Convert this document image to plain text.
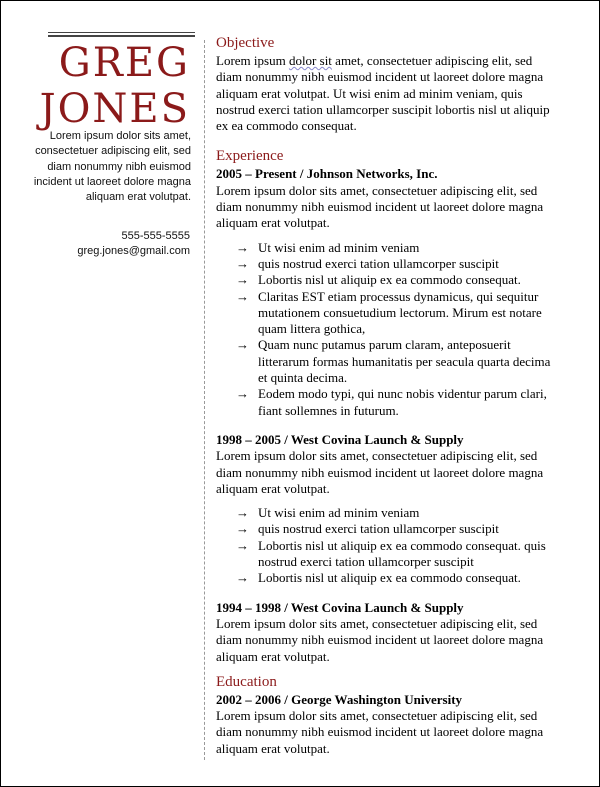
GREG
JONES
Lorem ipsum dolor sits amet, consectetuer adipiscing elit, sed diam nonummy nibh euismod incident ut laoreet dolore magna aliquam erat volutpat.
555-555-5555
greg.jones@gmail.com
Objective

Lorem ipsum dolor sit amet, consectetuer adipiscing elit, sed diam nonummy nibh euismod incident ut laoreet dolore magna aliquam erat volutpat. Ut wisi enim ad minim veniam, quis nostrud exerci tation ullamcorper suscipit lobortis nisl ut aliquip ex ea commodo consequat.

Experience
2005 – Present / Johnson Networks, Inc.

Lorem ipsum dolor sits amet, consectetuer adipiscing elit, sed diam nonummy nibh euismod incident ut laoreet dolore magna aliquam erat volutpat.

→ Ut wisi enim ad minim veniam
→ quis nostrud exerci tation ullamcorper suscipit
→ Lobortis nisl ut aliquip ex ea commodo consequat.
→ Claritas EST etiam processus dynamicus, qui sequitur mutationem consuetudium lectorum. Mirum est notare quam littera gothica,
→ Quam nunc putamus parum claram, anteposuerit litterarum formas humanitatis per seacula quarta decima et quinta decima.
→ Eodem modo typi, qui nunc nobis videntur parum clari, fiant sollemnes in futurum.
1998 – 2005 / West Covina Launch & Supply

Lorem ipsum dolor sits amet, consectetuer adipiscing elit, sed diam nonummy nibh euismod incident ut laoreet dolore magna aliquam erat volutpat.

→ Ut wisi enim ad minim veniam
→ quis nostrud exerci tation ullamcorper suscipit
→ Lobortis nisl ut aliquip ex ea commodo consequat. quis nostrud exerci tation ullamcorper suscipit
→ Lobortis nisl ut aliquip ex ea commodo consequat.
1994 – 1998 / West Covina Launch & Supply

Lorem ipsum dolor sits amet, consectetuer adipiscing elit, sed diam nonummy nibh euismod incident ut laoreet dolore magna aliquam erat volutpat.

Education
2002 – 2006 / George Washington University

Lorem ipsum dolor sits amet, consectetuer adipiscing elit, sed diam nonummy nibh euismod incident ut laoreet dolore magna aliquam erat volutpat.
